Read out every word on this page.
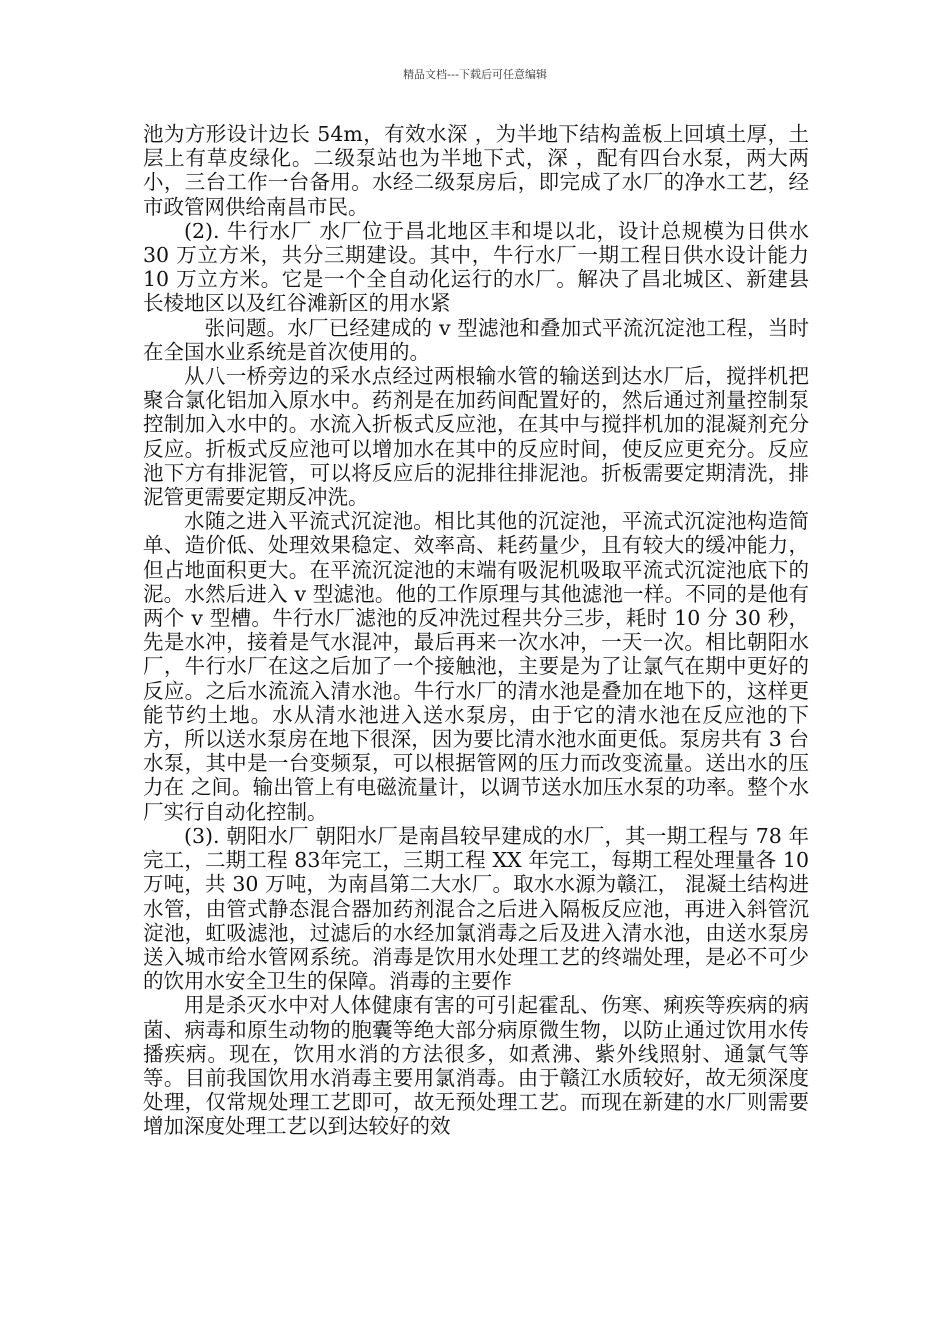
精品文档---下载后可任意编辑

池为方形设计边长 54m，有效水深 ，为半地下结构盖板上回填土厚，土层上有草皮绿化。二级泵站也为半地下式，深 ，配有四台水泵，两大两小，三台工作一台备用。水经二级泵房后，即完成了水厂的净水工艺，经市政管网供给南昌市民。

(2). 牛行水厂 水厂位于昌北地区丰和堤以北，设计总规模为日供水 30 万立方米，共分三期建设。其中，牛行水厂一期工程日供水设计能力 10 万立方米。它是一个全自动化运行的水厂。解决了昌北城区、新建县长棱地区以及红谷滩新区的用水紧

张问题。水厂已经建成的 v 型滤池和叠加式平流沉淀池工程，当时在全国水业系统是首次使用的。

从八一桥旁边的采水点经过两根输水管的输送到达水厂后，搅拌机把聚合氯化铝加入原水中。药剂是在加药间配置好的，然后通过剂量控制泵控制加入水中的。水流入折板式反应池，在其中与搅拌机加的混凝剂充分反应。折板式反应池可以增加水在其中的反应时间，使反应更充分。反应池下方有排泥管，可以将反应后的泥排往排泥池。折板需要定期清洗，排泥管更需要定期反冲洗。

水随之进入平流式沉淀池。相比其他的沉淀池，平流式沉淀池构造简单、造价低、处理效果稳定、效率高、耗药量少，且有较大的缓冲能力，但占地面积更大。在平流沉淀池的末端有吸泥机吸取平流式沉淀池底下的泥。水然后进入 v 型滤池。他的工作原理与其他滤池一样。不同的是他有两个 v 型槽。牛行水厂滤池的反冲洗过程共分三步，耗时 10 分 30 秒，先是水冲，接着是气水混冲，最后再来一次水冲，一天一次。相比朝阳水厂，牛行水厂在这之后加了一个接触池，主要是为了让氯气在期中更好的反应。之后水流流入清水池。牛行水厂的清水池是叠加在地下的，这样更能节约土地。水从清水池进入送水泵房，由于它的清水池在反应池的下方，所以送水泵房在地下很深，因为要比清水池水面更低。泵房共有 3 台水泵，其中是一台变频泵，可以根据管网的压力而改变流量。送出水的压力在 之间。输出管上有电磁流量计，以调节送水加压水泵的功率。整个水厂实行自动化控制。

(3). 朝阳水厂 朝阳水厂是南昌较早建成的水厂，其一期工程与 78 年完工，二期工程 83年完工，三期工程 XX 年完工，每期工程处理量各 10 万吨，共 30 万吨，为南昌第二大水厂。取水水源为赣江， 混凝土结构进水管，由管式静态混合器加药剂混合之后进入隔板反应池，再进入斜管沉淀池，虹吸滤池，过滤后的水经加氯消毒之后及进入清水池，由送水泵房送入城市给水管网系统。消毒是饮用水处理工艺的终端处理，是必不可少的饮用水安全卫生的保障。消毒的主要作

用是杀灭水中对人体健康有害的可引起霍乱、伤寒、痢疾等疾病的病菌、病毒和原生动物的胞囊等绝大部分病原微生物，以防止通过饮用水传播疾病。现在，饮用水消的方法很多，如煮沸、紫外线照射、通氯气等等。目前我国饮用水消毒主要用氯消毒。由于赣江水质较好，故无须深度处理，仅常规处理工艺即可，故无预处理工艺。而现在新建的水厂则需要增加深度处理工艺以到达较好的效
